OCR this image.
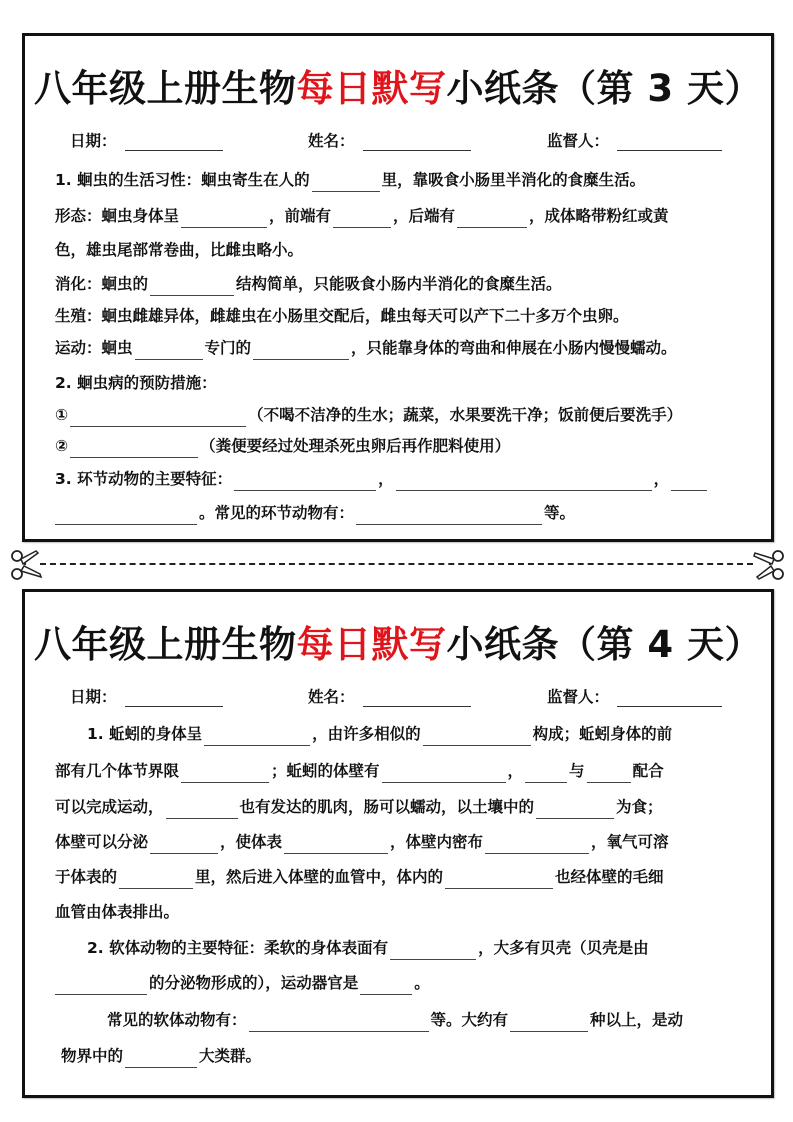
八年级上册生物每日默写小纸条（第 3 天）
日期：	姓名：	监督人：
1. 蛔虫的生活习性：蛔虫寄生在人的	里，靠吸食小肠里半消化的食糜生活。
形态：蛔虫身体呈	，前端有	，后端有	，成体略带粉红或黄
色，雄虫尾部常卷曲，比雌虫略小。
消化：蛔虫的	结构简单，只能吸食小肠内半消化的食糜生活。
生殖：蛔虫雌雄异体，雌雄虫在小肠里交配后，雌虫每天可以产下二十多万个虫卵。
运动：蛔虫	专门的	，只能靠身体的弯曲和伸展在小肠内慢慢蠕动。
2. 蛔虫病的预防措施：
①	（不喝不洁净的生水；蔬菜，水果要洗干净；饭前便后要洗手）
②	（粪便要经过处理杀死虫卵后再作肥料使用）
3. 环节动物的主要特征：	，	，
。常见的环节动物有：	等。
八年级上册生物每日默写小纸条（第 4 天）
日期：	姓名：	监督人：
1. 蚯蚓的身体呈	，由许多相似的	构成；蚯蚓身体的前
部有几个体节界限	；蚯蚓的体壁有	，	与	配合
可以完成运动，	也有发达的肌肉，肠可以蠕动，以土壤中的	为食；
体壁可以分泌	，使体表	，体壁内密布	，氧气可溶
于体表的	里，然后进入体壁的血管中，体内的	也经体壁的毛细
血管由体表排出。
2. 软体动物的主要特征：柔软的身体表面有	，大多有贝壳（贝壳是由
的分泌物形成的），运动器官是	。
常见的软体动物有：	等。大约有	种以上，是动
物界中的	大类群。
